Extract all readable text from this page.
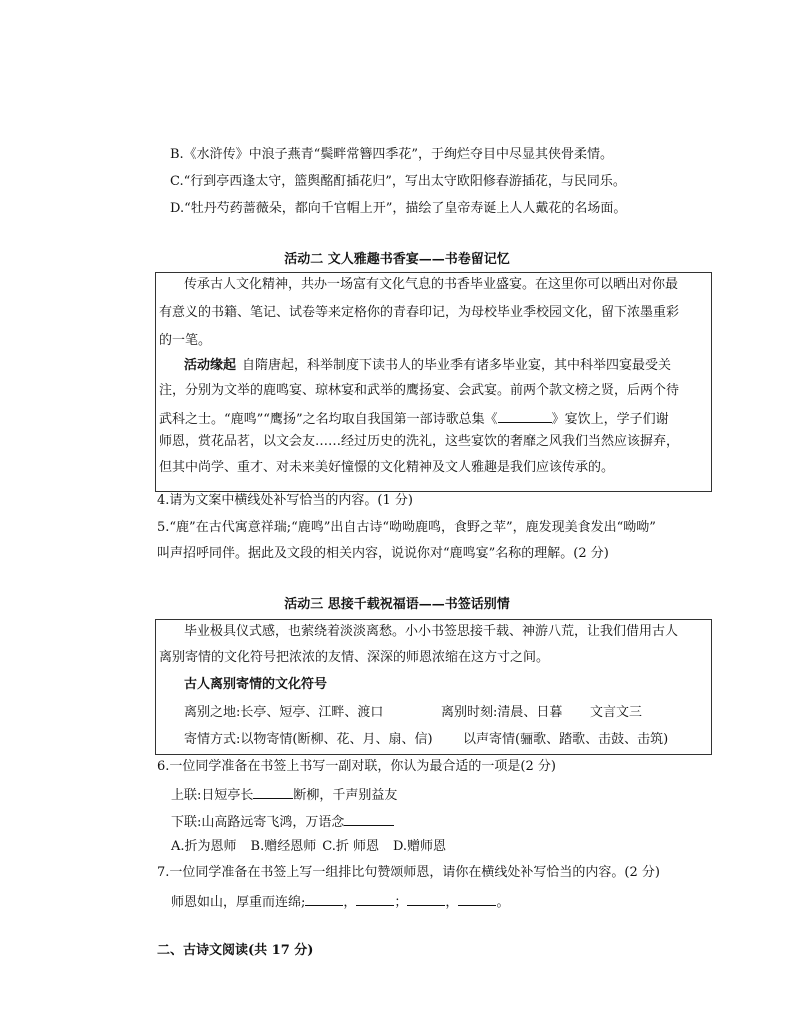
B.《水浒传》中浪子燕青“鬓畔常簪四季花”，于绚烂夺目中尽显其侠骨柔情。
C.“行到亭西逢太守，篮舆酩酊插花归”，写出太守欧阳修春游插花，与民同乐。
D.“牡丹芍药蔷薇朵，都向千官帽上开”，描绘了皇帝寿诞上人人戴花的名场面。
活动二 文人雅趣书香宴——书卷留记忆
传承古人文化精神，共办一场富有文化气息的书香毕业盛宴。在这里你可以晒出对你最
有意义的书籍、笔记、试卷等来定格你的青春印记，为母校毕业季校园文化，留下浓墨重彩
的一笔。
活动缘起 自隋唐起，科举制度下读书人的毕业季有诸多毕业宴，其中科举四宴最受关
注，分别为文举的鹿鸣宴、琼林宴和武举的鹰扬宴、会武宴。前两个款文榜之贤，后两个待
武科之士。“鹿鸣”“鹰扬”之名均取自我国第一部诗歌总集《	》宴饮上，学子们谢
师恩，赏花品茗，以文会友……经过历史的洗礼，这些宴饮的奢靡之风我们当然应该摒弃，
但其中尚学、重才、对未来美好憧憬的文化精神及文人雅趣是我们应该传承的。
4.请为文案中横线处补写恰当的内容。(1 分)
5.“鹿”在古代寓意祥瑞;“鹿鸣”出自古诗“呦呦鹿鸣，食野之苹”，鹿发现美食发出“呦呦”
叫声招呼同伴。据此及文段的相关内容，说说你对“鹿鸣宴”名称的理解。(2 分)
活动三 思接千载祝福语——书签话别情
毕业极具仪式感，也萦绕着淡淡离愁。小小书签思接千载、神游八荒，让我们借用古人
离别寄情的文化符号把浓浓的友情、深深的师恩浓缩在这方寸之间。
古人离别寄情的文化符号
离别之地:长亭、短亭、江畔、渡口	离别时刻:清晨、日暮 文言文三
寄情方式:以物寄情(断柳、花、月、扇、信) 以声寄情(骊歌、踏歌、击鼓、击筑)
6.一位同学准备在书签上书写一副对联，你认为最合适的一项是(2 分)
上联:日短亭长	断柳，千声别益友
下联:山高路远寄飞鸿，万语念
A.折为恩师 B.赠经恩师 C.折 师恩 D.赠师恩
7.一位同学准备在书签上写一组排比句赞颂师恩，请你在横线处补写恰当的内容。(2 分)
师恩如山，厚重而连绵;	，	；	，	。
二、古诗文阅读(共 17 分)
